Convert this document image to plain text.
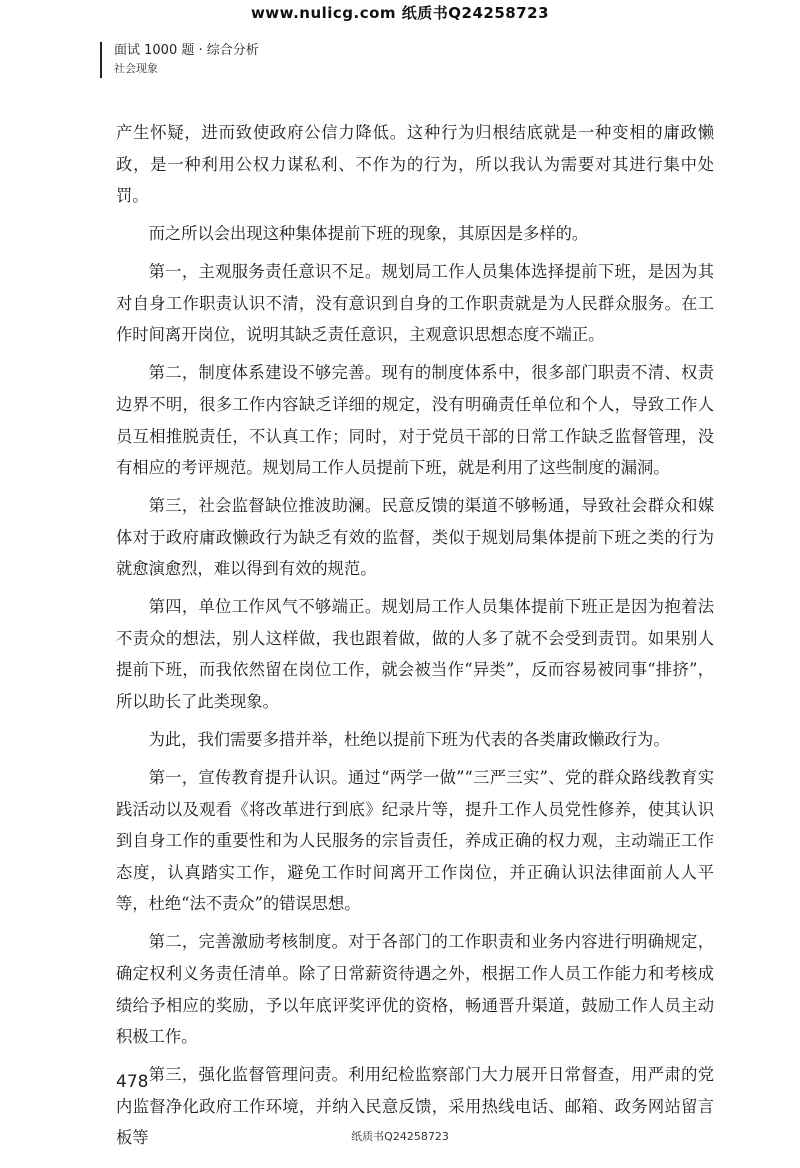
www.nulicg.com 纸质书Q24258723
面试 1000 题 · 综合分析
社会现象

产生怀疑，进而致使政府公信力降低。这种行为归根结底就是一种变相的庸政懒政，是一种利用公权力谋私利、不作为的行为，所以我认为需要对其进行集中处罚。

而之所以会出现这种集体提前下班的现象，其原因是多样的。

第一，主观服务责任意识不足。规划局工作人员集体选择提前下班，是因为其对自身工作职责认识不清，没有意识到自身的工作职责就是为人民群众服务。在工作时间离开岗位，说明其缺乏责任意识，主观意识思想态度不端正。

第二，制度体系建设不够完善。现有的制度体系中，很多部门职责不清、权责边界不明，很多工作内容缺乏详细的规定，没有明确责任单位和个人，导致工作人员互相推脱责任，不认真工作；同时，对于党员干部的日常工作缺乏监督管理，没有相应的考评规范。规划局工作人员提前下班，就是利用了这些制度的漏洞。

第三，社会监督缺位推波助澜。民意反馈的渠道不够畅通，导致社会群众和媒体对于政府庸政懒政行为缺乏有效的监督，类似于规划局集体提前下班之类的行为就愈演愈烈，难以得到有效的规范。

第四，单位工作风气不够端正。规划局工作人员集体提前下班正是因为抱着法不责众的想法，别人这样做，我也跟着做，做的人多了就不会受到责罚。如果别人提前下班，而我依然留在岗位工作，就会被当作“异类”，反而容易被同事“排挤”，所以助长了此类现象。

为此，我们需要多措并举，杜绝以提前下班为代表的各类庸政懒政行为。

第一，宣传教育提升认识。通过“两学一做”“三严三实”、党的群众路线教育实践活动以及观看《将改革进行到底》纪录片等，提升工作人员党性修养，使其认识到自身工作的重要性和为人民服务的宗旨责任，养成正确的权力观，主动端正工作态度，认真踏实工作，避免工作时间离开工作岗位，并正确认识法律面前人人平等，杜绝“法不责众”的错误思想。

第二，完善激励考核制度。对于各部门的工作职责和业务内容进行明确规定，确定权利义务责任清单。除了日常薪资待遇之外，根据工作人员工作能力和考核成绩给予相应的奖励，予以年底评奖评优的资格，畅通晋升渠道，鼓励工作人员主动积极工作。

第三，强化监督管理问责。利用纪检监察部门大力展开日常督查，用严肃的党内监督净化政府工作环境，并纳入民意反馈，采用热线电话、邮箱、政务网站留言板等

478
纸质书Q24258723
